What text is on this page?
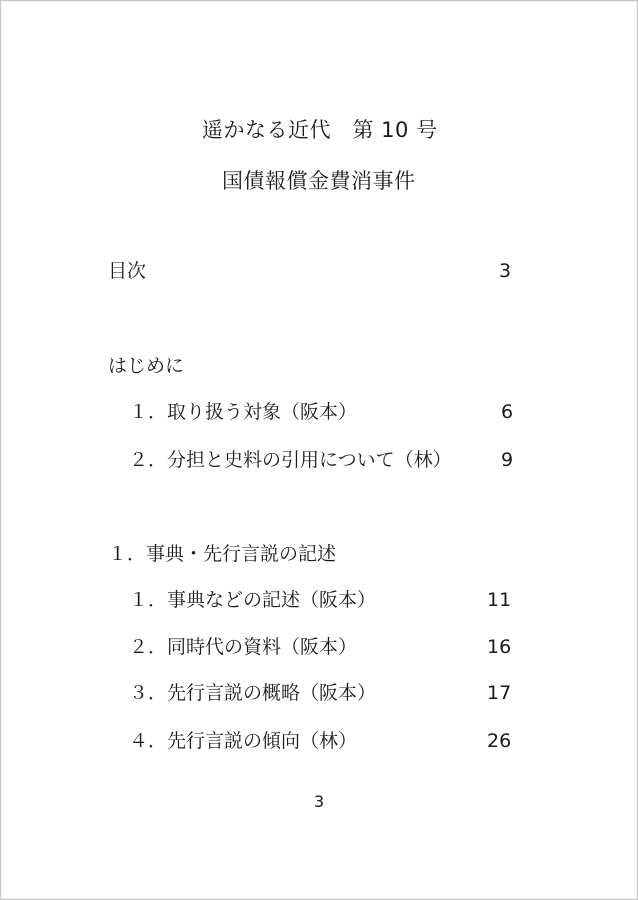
遥かなる近代　第 10 号
国債報償金費消事件
目次	3
はじめに
１．取り扱う対象（阪本）	6
２．分担と史料の引用について（林）	9
１．事典・先行言説の記述
１．事典などの記述（阪本）	11
２．同時代の資料（阪本）	16
３．先行言説の概略（阪本）	17
４．先行言説の傾向（林）	26
3
